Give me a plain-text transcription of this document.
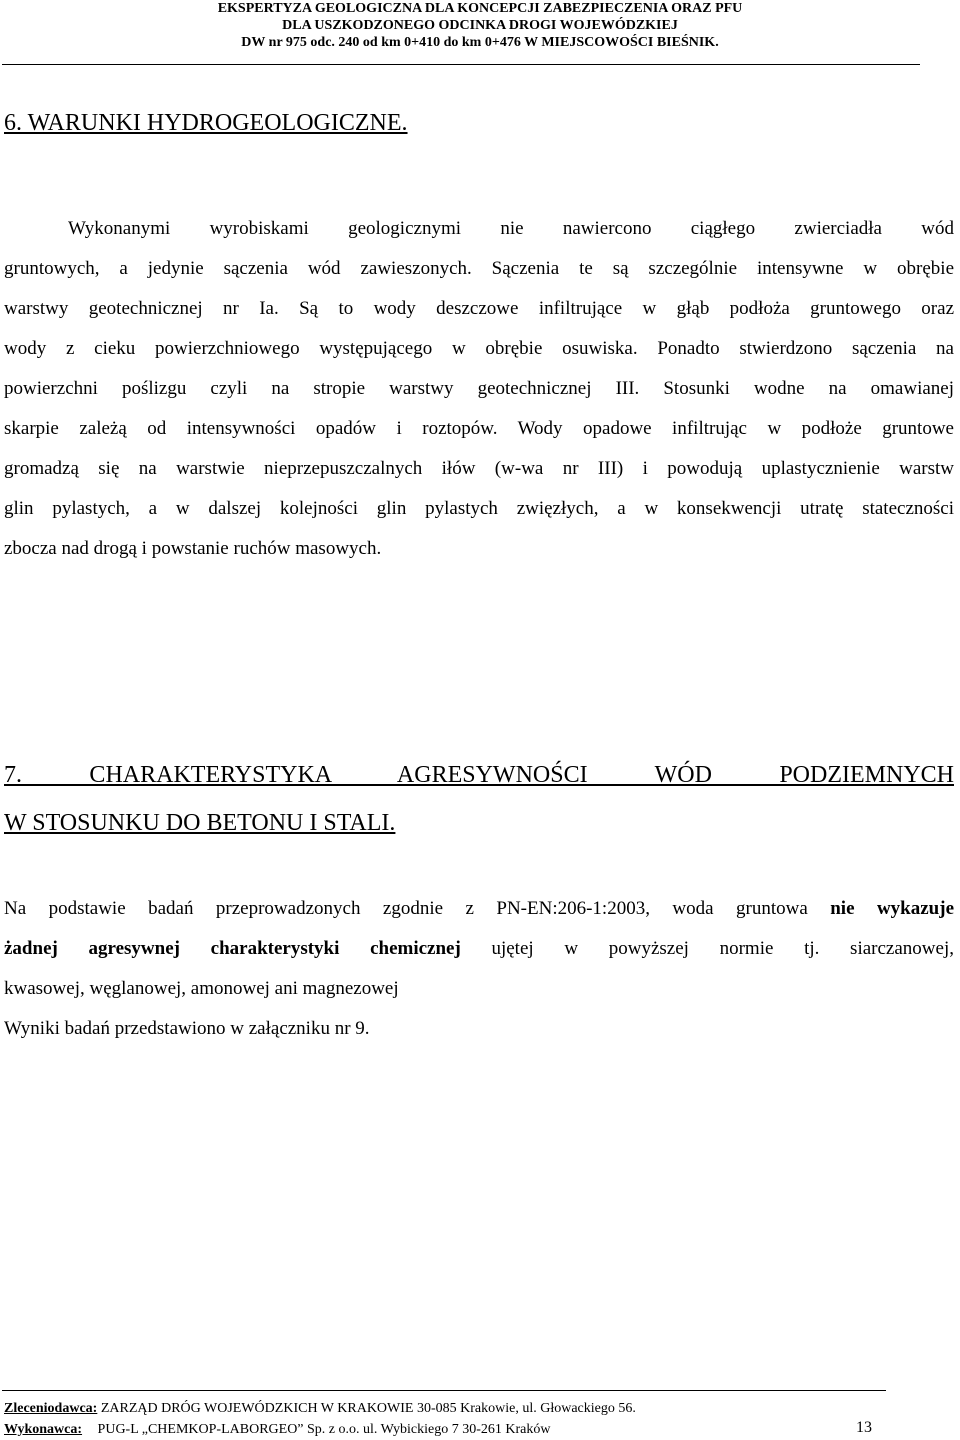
EKSPERTYZA GEOLOGICZNA DLA KONCEPCJI ZABEZPIECZENIA ORAZ PFU
DLA USZKODZONEGO ODCINKA DROGI WOJEWÓDZKIEJ
DW nr 975 odc. 240 od km 0+410 do km 0+476 W MIEJSCOWOŚCI BIEŚNIK.
6. WARUNKI HYDROGEOLOGICZNE.
Wykonanymi wyrobiskami geologicznymi nie nawiercono ciągłego zwierciadła wód
gruntowych, a jedynie sączenia wód zawieszonych. Sączenia te są szczególnie intensywne w obrębie
warstwy geotechnicznej nr Ia. Są to wody deszczowe infiltrujące w głąb podłoża gruntowego oraz
wody z cieku powierzchniowego występującego w obrębie osuwiska. Ponadto stwierdzono sączenia na
powierzchni poślizgu czyli na stropie warstwy geotechnicznej III. Stosunki wodne na omawianej
skarpie zależą od intensywności opadów i roztopów. Wody opadowe infiltrując w podłoże gruntowe
gromadzą się na warstwie nieprzepuszczalnych iłów (w-wa nr III) i powodują uplastycznienie warstw
glin pylastych, a w dalszej kolejności glin pylastych zwięzłych, a w konsekwencji utratę stateczności
zbocza nad drogą i powstanie ruchów masowych.
7. CHARAKTERYSTYKA AGRESYWNOŚCI WÓD PODZIEMNYCH
W STOSUNKU DO BETONU I STALI.
Na podstawie badań przeprowadzonych zgodnie z PN-EN:206-1:2003, woda gruntowa nie wykazuje
żadnej agresywnej charakterystyki chemicznej ujętej w powyższej normie tj. siarczanowej,
kwasowej, węglanowej, amonowej ani magnezowej
Wyniki badań przedstawiono w załączniku nr 9.
Zleceniodawca: ZARZĄD DRÓG WOJEWÓDZKICH W KRAKOWIE 30-085 Krakowie, ul. Głowackiego 56.
Wykonawca: PUG-L „CHEMKOP-LABORGEO” Sp. z o.o. ul. Wybickiego 7 30-261 Kraków	13
